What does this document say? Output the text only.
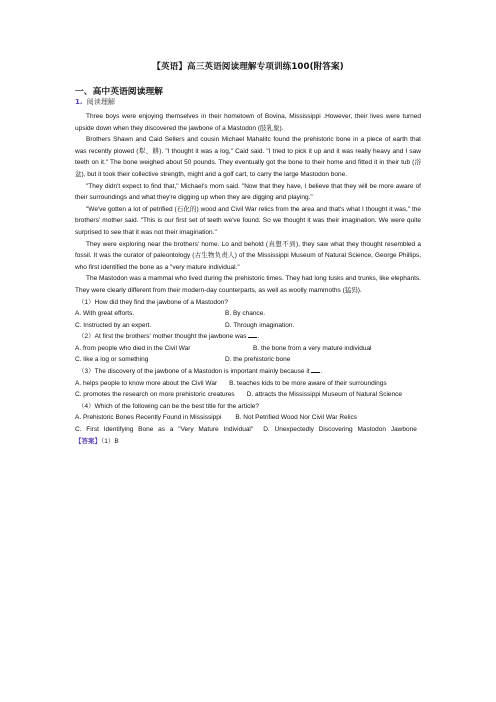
【英语】高三英语阅读理解专项训练100(附答案)
一、高中英语阅读理解
1. 阅读理解

Three boys were enjoying themselves in their hometown of Bovina, Mississippi .However, their lives were turned upside down when they discovered the jawbone of a Mastodon (肢乳象).

Brothers Shawn and Caid Sellers and cousin Michael Mahalitc found the prehistoric bone in a piece of earth that was recently plowed (犁、耕). "I thought it was a log," Caid said. "I tried to pick it up and it was really heavy and I saw teeth on it." The bone weighed about 50 pounds. They eventually got the bone to their home and fitted it in their tub (浴盆), but it took their collective strength, might and a golf cart, to carry the large Mastodon bone.

"They didn't expect to find that," Michael's mom said. "Now that they have, I believe that they will be more aware of their surroundings and what they're digging up when they are digging and playing."

"We've gotten a lot of petrified (石化的) wood and Civil War relics from the area and that's what I thought it was," the brothers' mother said. "This is our first set of teeth we've found. So we thought it was their imagination. We were quite surprised to see that it was not their imagination."

They were exploring near the brothers' home. Lo and behold (真想不到), they saw what they thought resembled a fossil. It was the curator of paleontology (古生物负责人) of the Mississippi Museum of Natural Science, George Phillips, who first identified the bone as a "very mature individual."

The Mastodon was a mammal who lived during the prehistoric times. They had long tusks and trunks, like elephants. They were clearly different from their modern-day counterparts, as well as woolly mammoths (猛犸).

（1）How did they find the jawbone of a Mastodon?
A. With great efforts.	B. By chance.
C. Instructed by an expert.	D. Through imagination.
（2）At first the brothers' mother thought the jawbone was .
A. from people who died in the Civil War	B. the bone from a very mature individual
C. like a log or something	D. the prehistoric bone
（3）The discovery of the jawbone of a Mastodon is important mainly because it .
A. helps people to know more about the Civil War B. teaches kids to be more aware of their surroundings
C. promotes the research on more prehistoric creatures D. attracts the Mississippi Museum of Natural Science
（4）Which of the following can be the best title for the article?
A. Prehistoric Bones Recently Found in Mississippi B. Not Petrified Wood Nor Civil War Relics
C. First Identifying Bone as a "Very Mature Individual" D. Unexpectedly Discovering Mastodon Jawbone
【答案】（1）B
